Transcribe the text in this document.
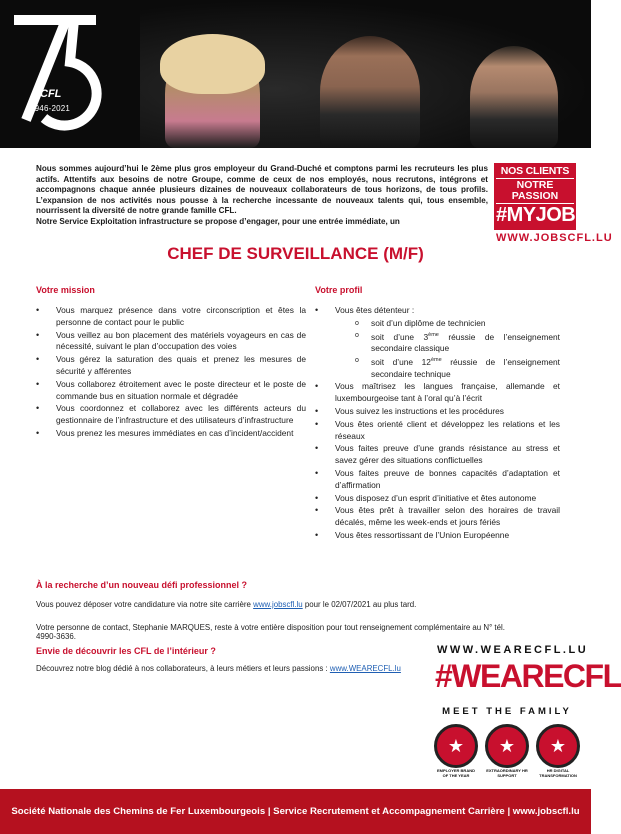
CFL
1946-2021

Nous sommes aujourd’hui le 2ème plus gros employeur du Grand-Duché et comptons parmi les recruteurs les plus actifs. Attentifs aux besoins de notre Groupe, comme de ceux de nos employés, nous recrutons, intégrons et accompagnons chaque année plusieurs dizaines de nouveaux collaborateurs de tous horizons, de tous profils. L’expansion de nos activités nous pousse à la recherche incessante de nouveaux talents qui, tous ensemble, nourrissent la diversité de notre grande famille CFL.

Notre Service Exploitation infrastructure se propose d’engager, pour une entrée immédiate, un

NOS CLIENTS
NOTRE PASSION
#MYJOB
WWW.JOBSCFL.LU
CHEF DE SURVEILLANCE (M/F)
Votre mission
• Vous marquez présence dans votre circonscription et êtes la personne de contact pour le public
• Vous veillez au bon placement des matériels voyageurs en cas de nécessité, suivant le plan d’occupation des voies
• Vous gérez la saturation des quais et prenez les mesures de sécurité y afférentes
• Vous collaborez étroitement avec le poste directeur et le poste de commande bus en situation normale et dégradée
• Vous coordonnez et collaborez avec les différents acteurs du gestionnaire de l’infrastructure et des utilisateurs d’infrastructure
• Vous prenez les mesures immédiates en cas d’incident/accident
Votre profil
• Vous êtes détenteur :
o soit d’un diplôme de technicien
o soit d’une 3ème réussie de l’enseignement secondaire classique
o soit d’une 12ème réussie de l’enseignement secondaire technique
• Vous maîtrisez les langues française, allemande et luxembourgeoise tant à l’oral qu’à l’écrit
• Vous suivez les instructions et les procédures
• Vous êtes orienté client et développez les relations et les réseaux
• Vous faites preuve d’une grands résistance au stress et savez gérer des situations conflictuelles
• Vous faites preuve de bonnes capacités d’adaptation et d’affirmation
• Vous disposez d’un esprit d’initiative et êtes autonome
• Vous êtes prêt à travailler selon des horaires de travail décalés, même les week-ends et jours fériés
• Vous êtes ressortissant de l’Union Européenne
À la recherche d’un nouveau défi professionnel ?

Vous pouvez déposer votre candidature via notre site carrière www.jobscfl.lu pour le 02/07/2021 au plus tard.

Votre personne de contact, Stephanie MARQUES, reste à votre entière disposition pour tout renseignement complémentaire au N° tél. 4990-3636.

Envie de découvrir les CFL de l’intérieur ?

Découvrez notre blog dédié à nos collaborateurs, à leurs métiers et leurs passions : www.WEARECFL.lu

WWW.WEARECFL.LU
#WEARECFL
MEET THE FAMILY
★
EMPLOYER BRAND OF THE YEAR
★
EXTRAORDINARY HR SUPPORT
★
HR DIGITAL TRANSFORMATION
Société Nationale des Chemins de Fer Luxembourgeois | Service Recrutement et Accompagnement Carrière | www.jobscfl.lu
